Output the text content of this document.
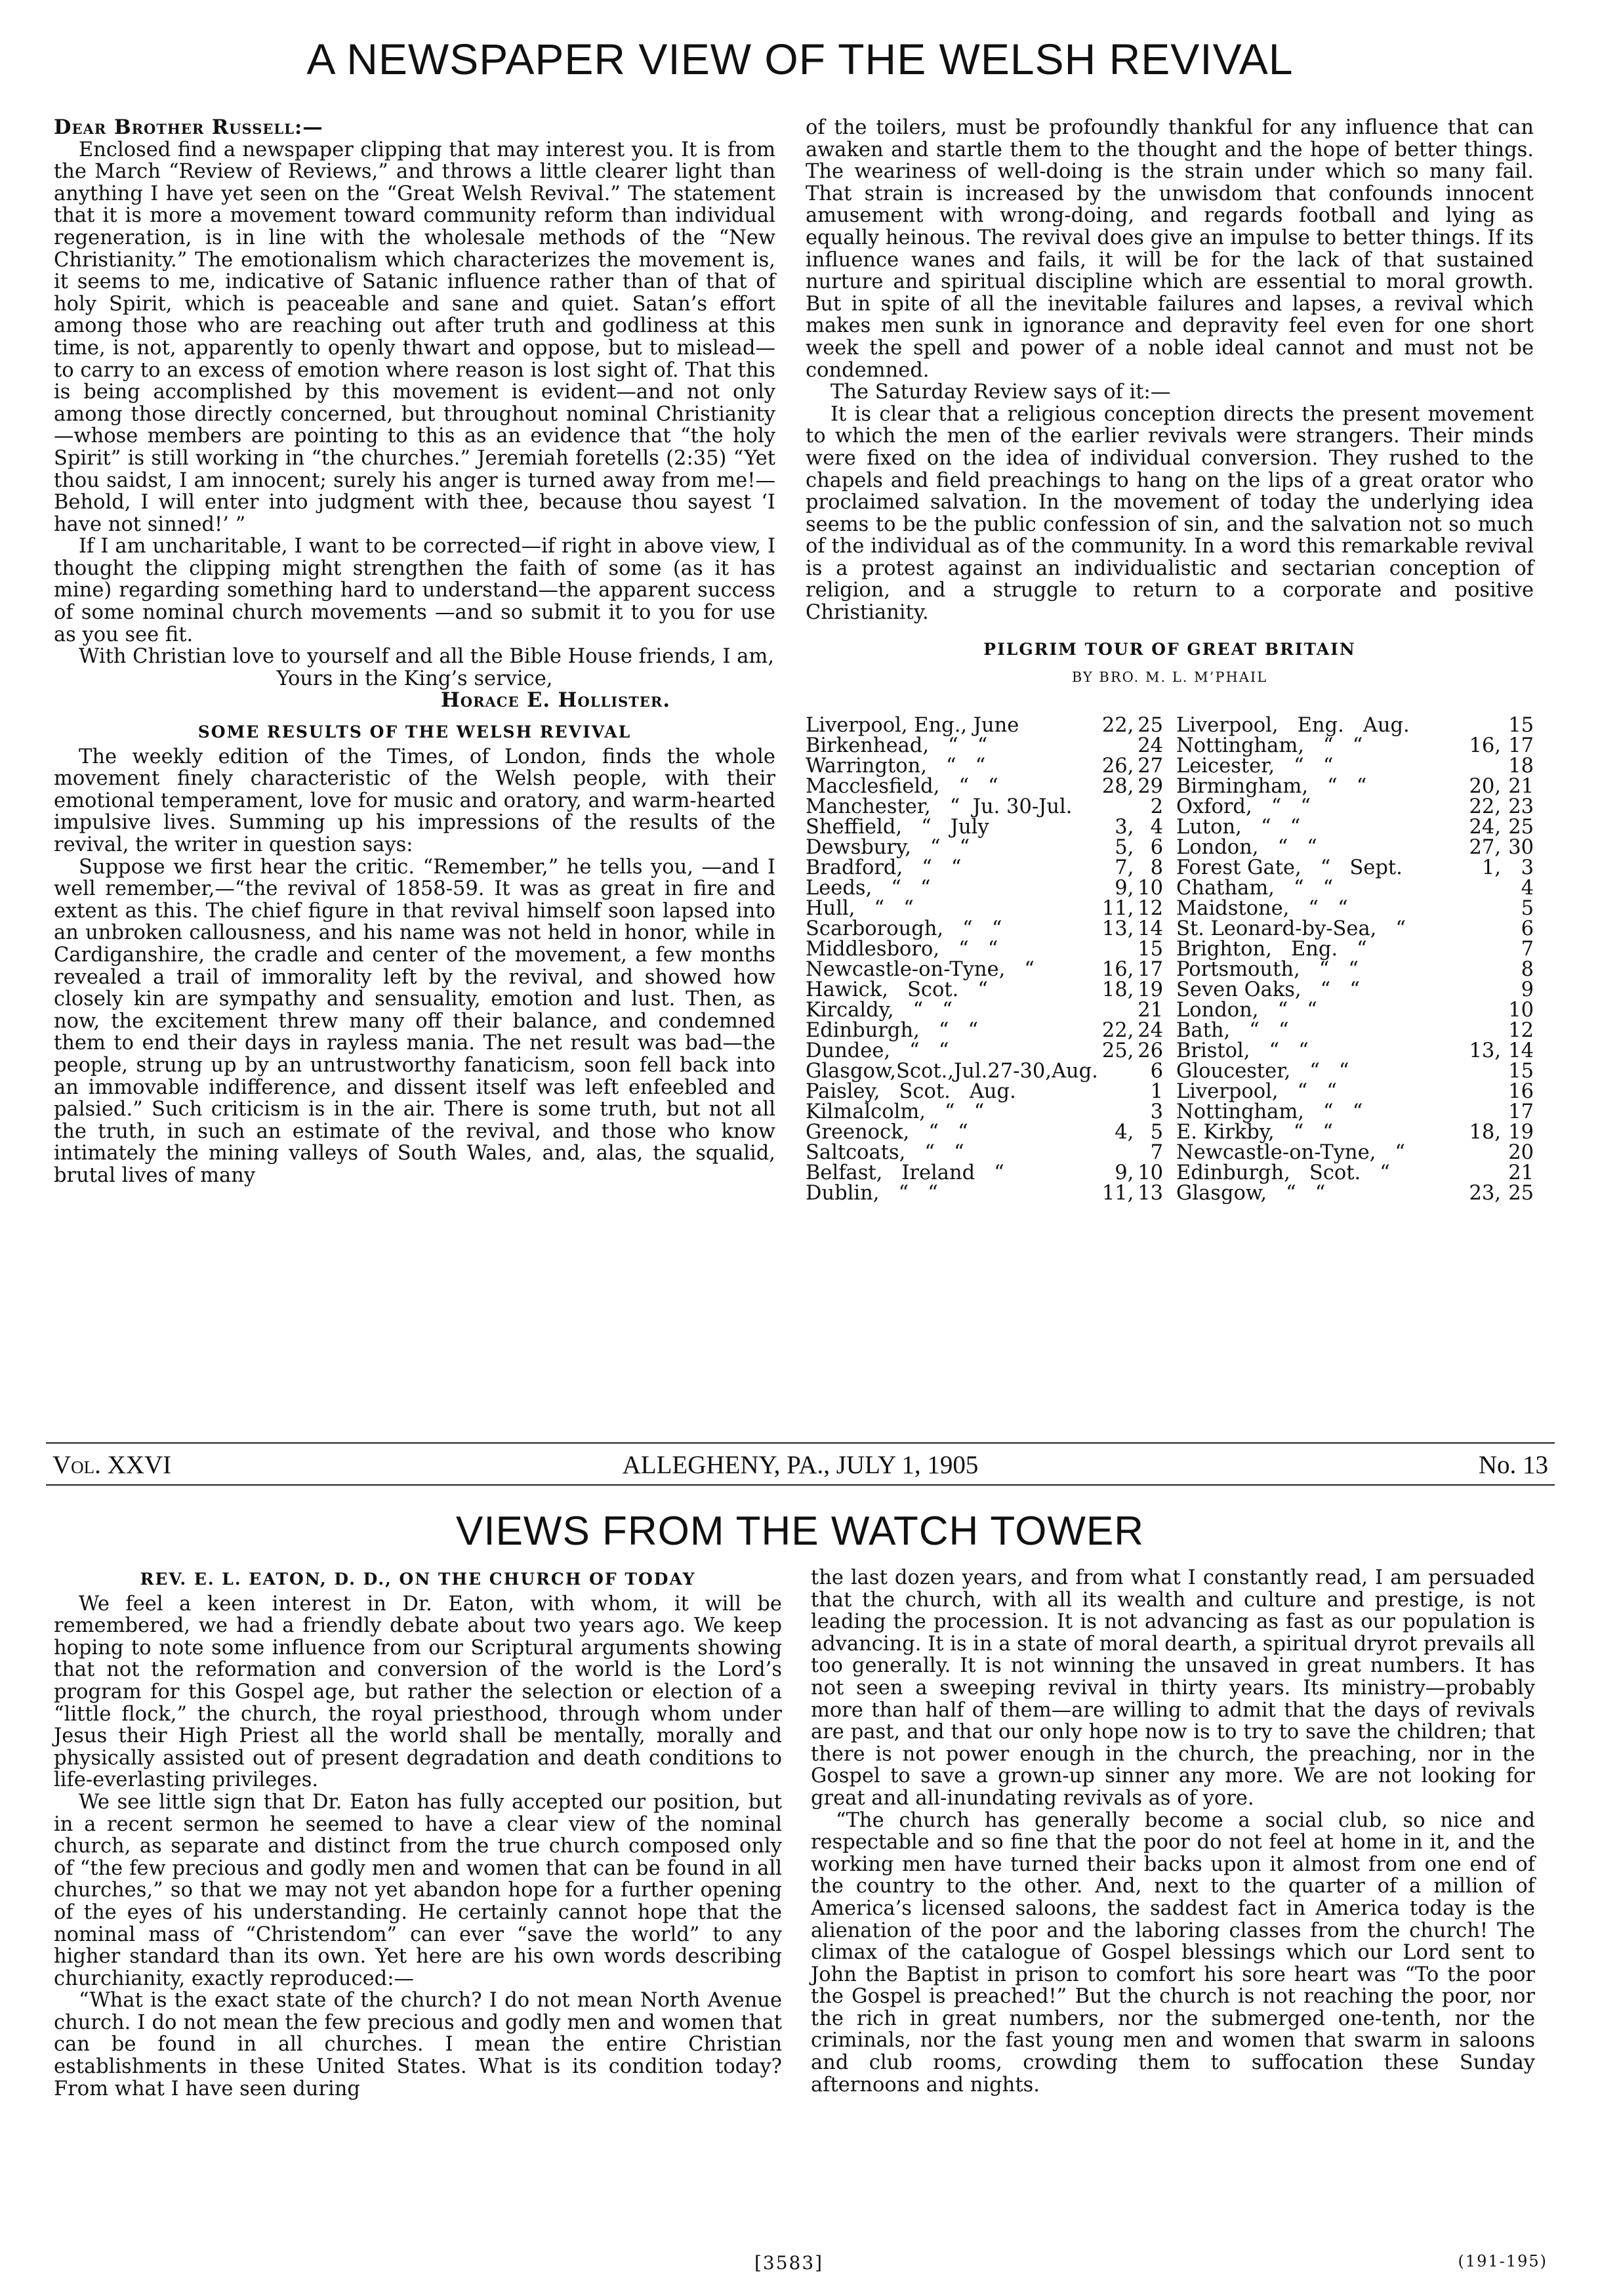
A NEWSPAPER VIEW OF THE WELSH REVIVAL

Dear Brother Russell:—

Enclosed find a newspaper clipping that may interest you. It is from the March “Review of Reviews,” and throws a little clearer light than anything I have yet seen on the “Great Welsh Revival.” The statement that it is more a movement toward community reform than individual regeneration, is in line with the wholesale methods of the “New Christianity.” The emotionalism which characterizes the movement is, it seems to me, indicative of Satanic influence rather than of that of holy Spirit, which is peaceable and sane and quiet. Satan’s effort among those who are reaching out after truth and godliness at this time, is not, apparently to openly thwart and oppose, but to mislead—to carry to an excess of emotion where reason is lost sight of. That this is being accomplished by this movement is evident—and not only among those directly concerned, but throughout nominal Christianity—whose members are pointing to this as an evidence that “the holy Spirit” is still working in “the churches.” Jeremiah foretells (2:35) “Yet thou saidst, I am innocent; surely his anger is turned away from me!—Behold, I will enter into judgment with thee, because thou sayest ‘I have not sinned!’ ”

If I am uncharitable, I want to be corrected—if right in above view, I thought the clipping might strengthen the faith of some (as it has mine) regarding something hard to understand—the apparent success of some nominal church movements —and so submit it to you for use as you see fit.

With Christian love to yourself and all the Bible House friends, I am,

Yours in the King’s service,
Horace E. Hollister.
SOME RESULTS OF THE WELSH REVIVAL

The weekly edition of the Times, of London, finds the whole movement finely characteristic of the Welsh people, with their emotional temperament, love for music and oratory, and warm-hearted impulsive lives. Summing up his impressions of the results of the revival, the writer in question says:

Suppose we first hear the critic. “Remember,” he tells you, —and I well remember,—“the revival of 1858-59. It was as great in fire and extent as this. The chief figure in that revival himself soon lapsed into an unbroken callousness, and his name was not held in honor, while in Cardiganshire, the cradle and center of the movement, a few months revealed a trail of immorality left by the revival, and showed how closely kin are sympathy and sensuality, emotion and lust. Then, as now, the excitement threw many off their balance, and condemned them to end their days in rayless mania. The net result was bad—the people, strung up by an untrustworthy fanaticism, soon fell back into an immovable indifference, and dissent itself was left enfeebled and palsied.” Such criticism is in the air. There is some truth, but not all the truth, in such an estimate of the revival, and those who know intimately the mining valleys of South Wales, and, alas, the squalid, brutal lives of many

of the toilers, must be profoundly thankful for any influence that can awaken and startle them to the thought and the hope of better things. The weariness of well-doing is the strain under which so many fail. That strain is increased by the unwisdom that confounds innocent amusement with wrong-doing, and regards football and lying as equally heinous. The revival does give an impulse to better things. If its influence wanes and fails, it will be for the lack of that sustained nurture and spiritual discipline which are essential to moral growth. But in spite of all the inevitable failures and lapses, a revival which makes men sunk in ignorance and depravity feel even for one short week the spell and power of a noble ideal cannot and must not be condemned.

The Saturday Review says of it:—

It is clear that a religious conception directs the present movement to which the men of the earlier revivals were strangers. Their minds were fixed on the idea of individual conversion. They rushed to the chapels and field preachings to hang on the lips of a great orator who proclaimed salvation. In the movement of today the underlying idea seems to be the public confession of sin, and the salvation not so much of the individual as of the community. In a word this remarkable revival is a protest against an individualistic and sectarian conception of religion, and a struggle to return to a corporate and positive Christianity.

PILGRIM TOUR OF GREAT BRITAIN
BY BRO. M. L. M’PHAIL
Liverpool, Eng., June	22,	25
Birkenhead,   “   “		24
Warrington,   “   “	26,	27
Macclesfield,   “   “	28,	29
Manchester,   “  Ju. 30-Jul.		2
Sheffield,   “   July	3,	4
Dewsbury,   “   “	5,	6
Bradford,   “   “	7,	8
Leeds,   “   “	9,	10
Hull,   “   “	11,	12
Scarborough,   “   “	13,	14
Middlesboro,   “   “		15
Newcastle-on-Tyne,   “	16,	17
Hawick,   Scot.   “	18,	19
Kircaldy,   “   “		21
Edinburgh,   “   “	22,	24
Dundee,   “   “	25,	26
Glasgow,Scot.,Jul.27-30,Aug.		6
Paisley,   Scot.   Aug.		1
Kilmalcolm,   “   “		3
Greenock,   “   “	4,	5
Saltcoats,   “   “		7
Belfast,   Ireland   “	9,	10
Dublin,   “   “	11,	13
Liverpool,   Eng.   Aug.		15
Nottingham,   “   “	16,	17
Leicester,   “   “		18
Birmingham,   “   “	20,	21
Oxford,   “   “	22,	23
Luton,   “   “	24,	25
London,   “   “	27,	30
Forest Gate,   “   Sept.	1,	3
Chatham,   “   “		4
Maidstone,   “   “		5
St. Leonard-by-Sea,   “		6
Brighton,   Eng.   “		7
Portsmouth,   “   “		8
Seven Oaks,   “   “		9
London,   “   “		10
Bath,   “   “		12
Bristol,   “   “	13,	14
Gloucester,   “   “		15
Liverpool,   “   “		16
Nottingham,   “   “		17
E. Kirkby,   “   “	18,	19
Newcastle-on-Tyne,   “		20
Edinburgh,   Scot.   “		21
Glasgow,   “   “	23,	25
Vol. XXVI	ALLEGHENY, PA., JULY 1, 1905	No. 13
VIEWS FROM THE WATCH TOWER
REV. E. L. EATON, D. D., ON THE CHURCH OF TODAY

We feel a keen interest in Dr. Eaton, with whom, it will be remembered, we had a friendly debate about two years ago. We keep hoping to note some influence from our Scriptural arguments showing that not the reformation and conversion of the world is the Lord’s program for this Gospel age, but rather the selection or election of a “little flock,” the church, the royal priesthood, through whom under Jesus their High Priest all the world shall be mentally, morally and physically assisted out of present degradation and death conditions to life-everlasting privileges.

We see little sign that Dr. Eaton has fully accepted our position, but in a recent sermon he seemed to have a clear view of the nominal church, as separate and distinct from the true church composed only of “the few precious and godly men and women that can be found in all churches,” so that we may not yet abandon hope for a further opening of the eyes of his understanding. He certainly cannot hope that the nominal mass of “Christendom” can ever “save the world” to any higher standard than its own. Yet here are his own words describing churchianity, exactly reproduced:—

“What is the exact state of the church? I do not mean North Avenue church. I do not mean the few precious and godly men and women that can be found in all churches. I mean the entire Christian establishments in these United States. What is its condition today? From what I have seen during

the last dozen years, and from what I constantly read, I am persuaded that the church, with all its wealth and culture and prestige, is not leading the procession. It is not advancing as fast as our population is advancing. It is in a state of moral dearth, a spiritual dryrot prevails all too generally. It is not winning the unsaved in great numbers. It has not seen a sweeping revival in thirty years. Its ministry—probably more than half of them—are willing to admit that the days of revivals are past, and that our only hope now is to try to save the children; that there is not power enough in the church, the preaching, nor in the Gospel to save a grown-up sinner any more. We are not looking for great and all-inundating revivals as of yore.

“The church has generally become a social club, so nice and respectable and so fine that the poor do not feel at home in it, and the working men have turned their backs upon it almost from one end of the country to the other. And, next to the quarter of a million of America’s licensed saloons, the saddest fact in America today is the alienation of the poor and the laboring classes from the church! The climax of the catalogue of Gospel blessings which our Lord sent to John the Baptist in prison to comfort his sore heart was “To the poor the Gospel is preached!” But the church is not reaching the poor, nor the rich in great numbers, nor the submerged one-tenth, nor the criminals, nor the fast young men and women that swarm in saloons and club rooms, crowding them to suffocation these Sunday afternoons and nights.

[3583]	(191-195)
